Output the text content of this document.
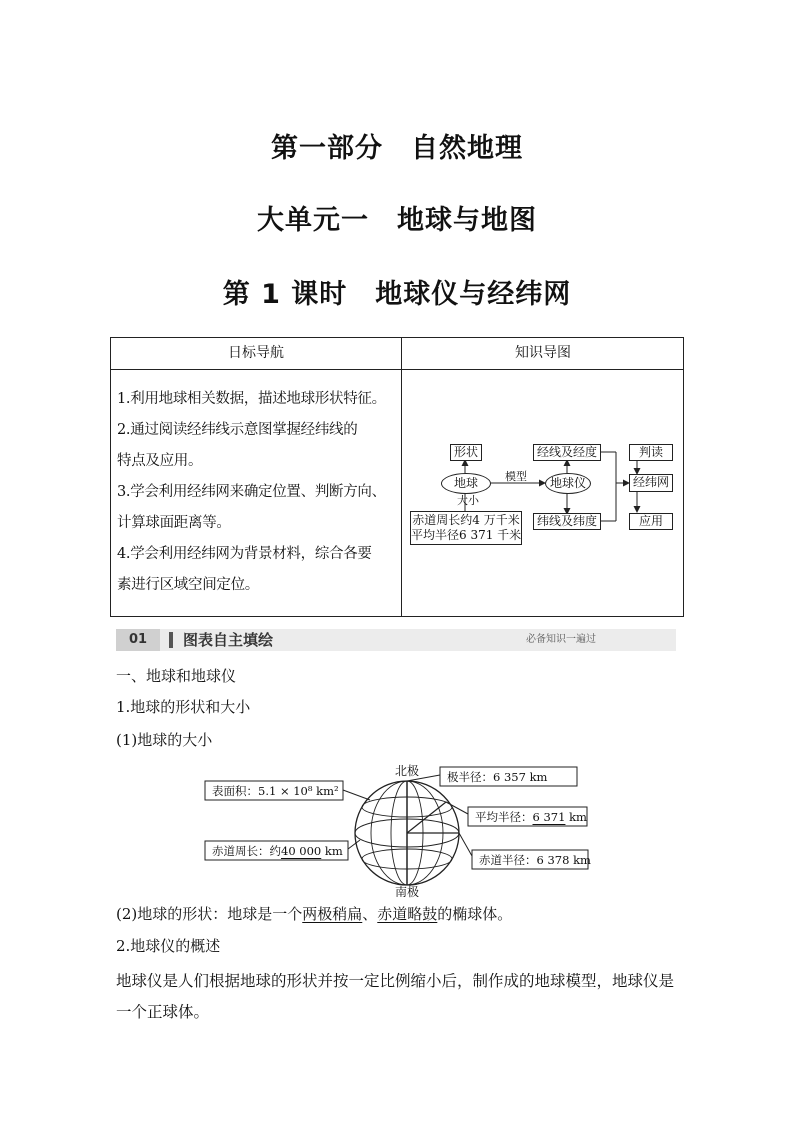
第一部分　自然地理
大单元一　地球与地图
第 1 课时　地球仪与经纬网
日标导航	知识导图

1.利用地球相关数据，描述地球形状特征。

2.通过阅读经纬线示意图掌握经纬线的

特点及应用。

3.学会利用经纬网来确定位置、判断方向、

计算球面距离等。

4.学会利用经纬网为背景材料，综合各要

素进行区域空间定位。

形状
地球
大小
模型
赤道周长约4 万千米
平均半径6 371 千米
地球仪
经线及经度
纬线及纬度
经纬网
判读
应用
01	图表自主填绘	必备知识一遍过
一、地球和地球仪
1.地球的形状和大小
(1)地球的大小
北极
南极
表面积：5.1 × 10⁸ km²
赤道周长：约40 000 km
极半径：6 357 km
平均半径：6 371 km
赤道半径：6 378 km
(2)地球的形状：地球是一个两极稍扁、赤道略鼓的椭球体。
2.地球仪的概述
地球仪是人们根据地球的形状并按一定比例缩小后，制作成的地球模型，地球仪是一个正球体。
